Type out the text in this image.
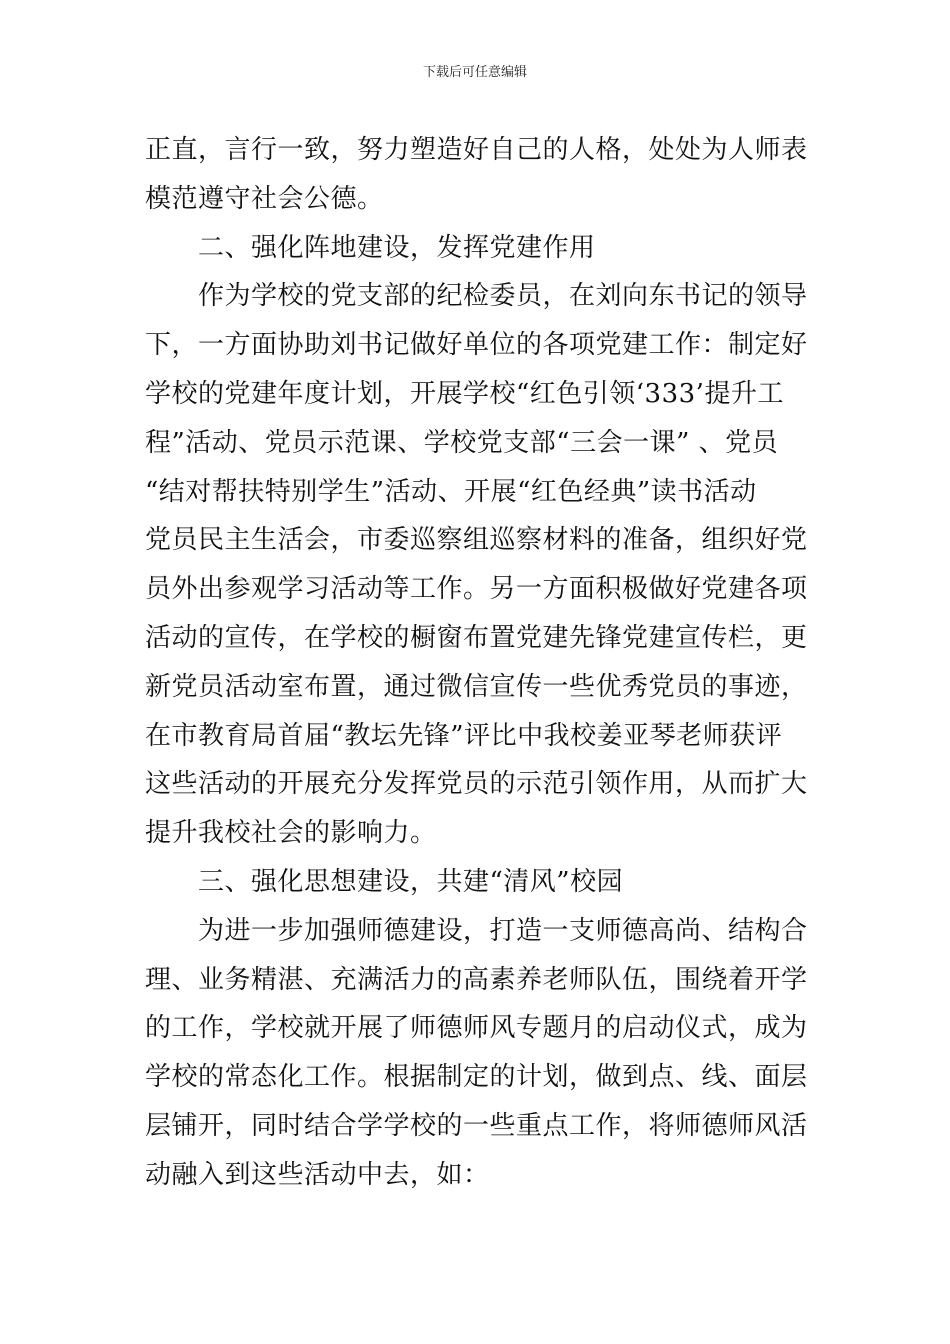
下载后可任意编辑
正直，言行一致，努力塑造好自己的人格，处处为人师表
模范遵守社会公德。
　　二、强化阵地建设，发挥党建作用
　　作为学校的党支部的纪检委员，在刘向东书记的领导
下，一方面协助刘书记做好单位的各项党建工作：制定好
学校的党建年度计划，开展学校“红色引领‘333’提升工
程”活动、党员示范课、学校党支部“三会一课” 、党员
“结对帮扶特别学生”活动、开展“红色经典”读书活动
党员民主生活会，市委巡察组巡察材料的准备，组织好党
员外出参观学习活动等工作。另一方面积极做好党建各项
活动的宣传，在学校的橱窗布置党建先锋党建宣传栏，更
新党员活动室布置，通过微信宣传一些优秀党员的事迹，
在市教育局首届“教坛先锋”评比中我校姜亚琴老师获评
这些活动的开展充分发挥党员的示范引领作用，从而扩大
提升我校社会的影响力。
　　三、强化思想建设，共建“清风”校园
　　为进一步加强师德建设，打造一支师德高尚、结构合
理、业务精湛、充满活力的高素养老师队伍，围绕着开学
的工作，学校就开展了师德师风专题月的启动仪式，成为
学校的常态化工作。根据制定的计划，做到点、线、面层
层铺开，同时结合学学校的一些重点工作，将师德师风活
动融入到这些活动中去，如：
